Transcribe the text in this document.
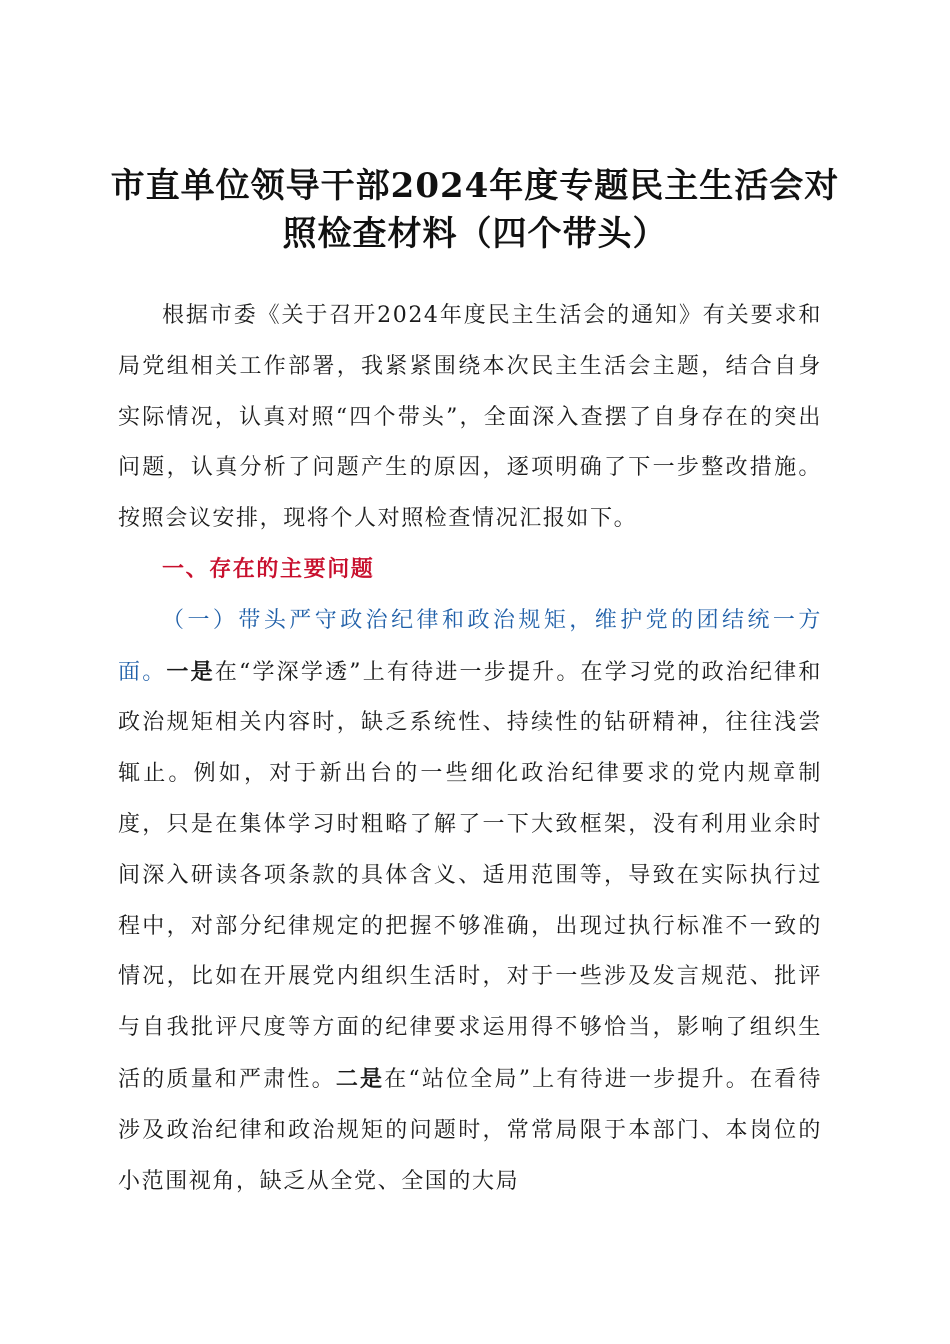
市直单位领导干部2024年度专题民主生活会对
照检查材料（四个带头）

根据市委《关于召开2024年度民主生活会的通知》有关要求和局党组相关工作部署，我紧紧围绕本次民主生活会主题，结合自身实际情况，认真对照“四个带头”，全面深入查摆了自身存在的突出问题，认真分析了问题产生的原因，逐项明确了下一步整改措施。按照会议安排，现将个人对照检查情况汇报如下。

一、存在的主要问题

（一）带头严守政治纪律和政治规矩，维护党的团结统一方面。一是在“学深学透”上有待进一步提升。在学习党的政治纪律和政治规矩相关内容时，缺乏系统性、持续性的钻研精神，往往浅尝辄止。例如，对于新出台的一些细化政治纪律要求的党内规章制度，只是在集体学习时粗略了解了一下大致框架，没有利用业余时间深入研读各项条款的具体含义、适用范围等，导致在实际执行过程中，对部分纪律规定的把握不够准确，出现过执行标准不一致的情况，比如在开展党内组织生活时，对于一些涉及发言规范、批评与自我批评尺度等方面的纪律要求运用得不够恰当，影响了组织生活的质量和严肃性。二是在“站位全局”上有待进一步提升。在看待涉及政治纪律和政治规矩的问题时，常常局限于本部门、本岗位的小范围视角，缺乏从全党、全国的大局
